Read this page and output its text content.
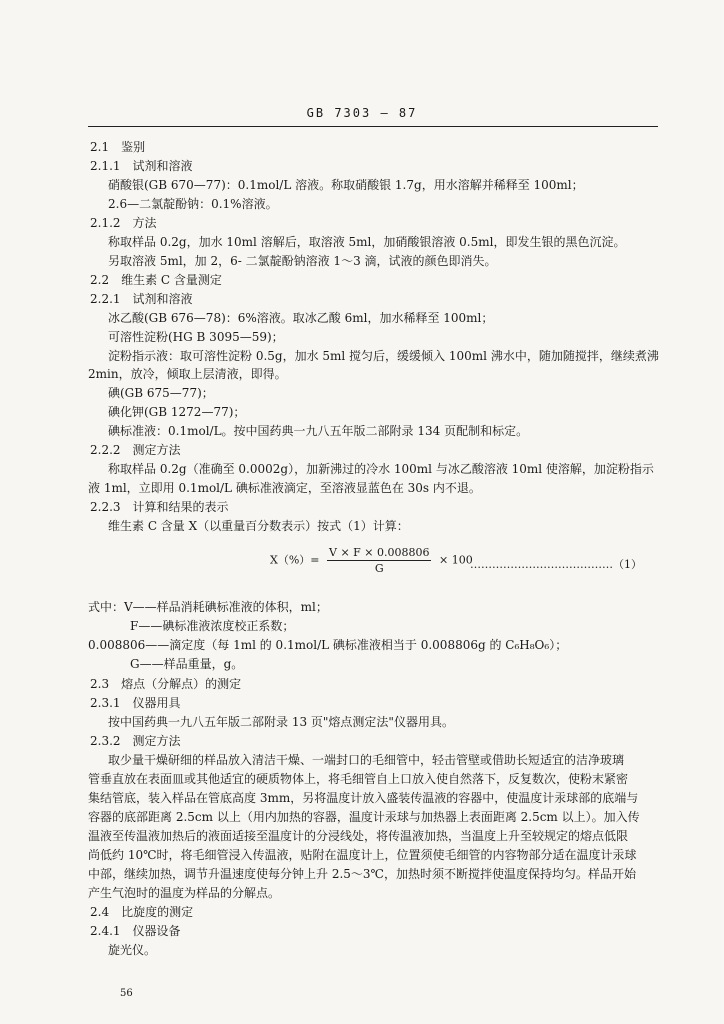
GB 7303 — 87
2.1　鉴别
2.1.1　试剂和溶液
硝酸银(GB 670—77)：0.1mol/L 溶液。称取硝酸银 1.7g，用水溶解并稀释至 100ml；
2.6—二氯靛酚钠：0.1%溶液。
2.1.2　方法
称取样品 0.2g，加水 10ml 溶解后，取溶液 5ml，加硝酸银溶液 0.5ml，即发生银的黑色沉淀。
另取溶液 5ml，加 2，6- 二氯靛酚钠溶液 1～3 滴，试液的颜色即消失。
2.2　维生素 C 含量测定
2.2.1　试剂和溶液
冰乙酸(GB 676—78)：6%溶液。取冰乙酸 6ml，加水稀释至 100ml；
可溶性淀粉(HG B 3095—59)；
淀粉指示液：取可溶性淀粉 0.5g，加水 5ml 搅匀后，缓缓倾入 100ml 沸水中，随加随搅拌，继续煮沸
2min，放冷，倾取上层清液，即得。
碘(GB 675—77)；
碘化钾(GB 1272—77)；
碘标准液：0.1mol/L。按中国药典一九八五年版二部附录 134 页配制和标定。
2.2.2　测定方法
称取样品 0.2g（准确至 0.0002g），加新沸过的冷水 100ml 与冰乙酸溶液 10ml 使溶解，加淀粉指示
液 1ml，立即用 0.1mol/L 碘标准液滴定，至溶液显蓝色在 30s 内不退。
2.2.3　计算和结果的表示
维生素 C 含量 X（以重量百分数表示）按式（1）计算：
$X(\%)= \frac{V \times F \times 0.008806}{G} \times 100$
…………………………………（1）
式中：V——样品消耗碘标准液的体积，ml；
F——碘标准液浓度校正系数；
0.008806——滴定度（每 1ml 的 0.1mol/L 碘标准液相当于 0.008806g 的 C₆H₈O₆）；
G——样品重量，g。
2.3　熔点（分解点）的测定
2.3.1　仪器用具
按中国药典一九八五年版二部附录 13 页"熔点测定法"仪器用具。
2.3.2　测定方法
取少量干燥研细的样品放入清洁干燥、一端封口的毛细管中，轻击管壁或借助长短适宜的洁净玻璃
管垂直放在表面皿或其他适宜的硬质物体上，将毛细管自上口放入使自然落下，反复数次，使粉末紧密
集结管底，装入样品在管底高度 3mm，另将温度计放入盛装传温液的容器中，使温度计汞球部的底端与
容器的底部距离 2.5cm 以上（用内加热的容器，温度计汞球与加热器上表面距离 2.5cm 以上）。加入传
温液至传温液加热后的液面适接至温度计的分浸线处，将传温液加热，当温度上升至较规定的熔点低限
尚低约 10℃时，将毛细管浸入传温液，贴附在温度计上，位置须使毛细管的内容物部分适在温度计汞球
中部，继续加热，调节升温速度使每分钟上升 2.5～3℃，加热时须不断搅拌使温度保持均匀。样品开始
产生气泡时的温度为样品的分解点。
2.4　比旋度的测定
2.4.1　仪器设备
旋光仪。
56
